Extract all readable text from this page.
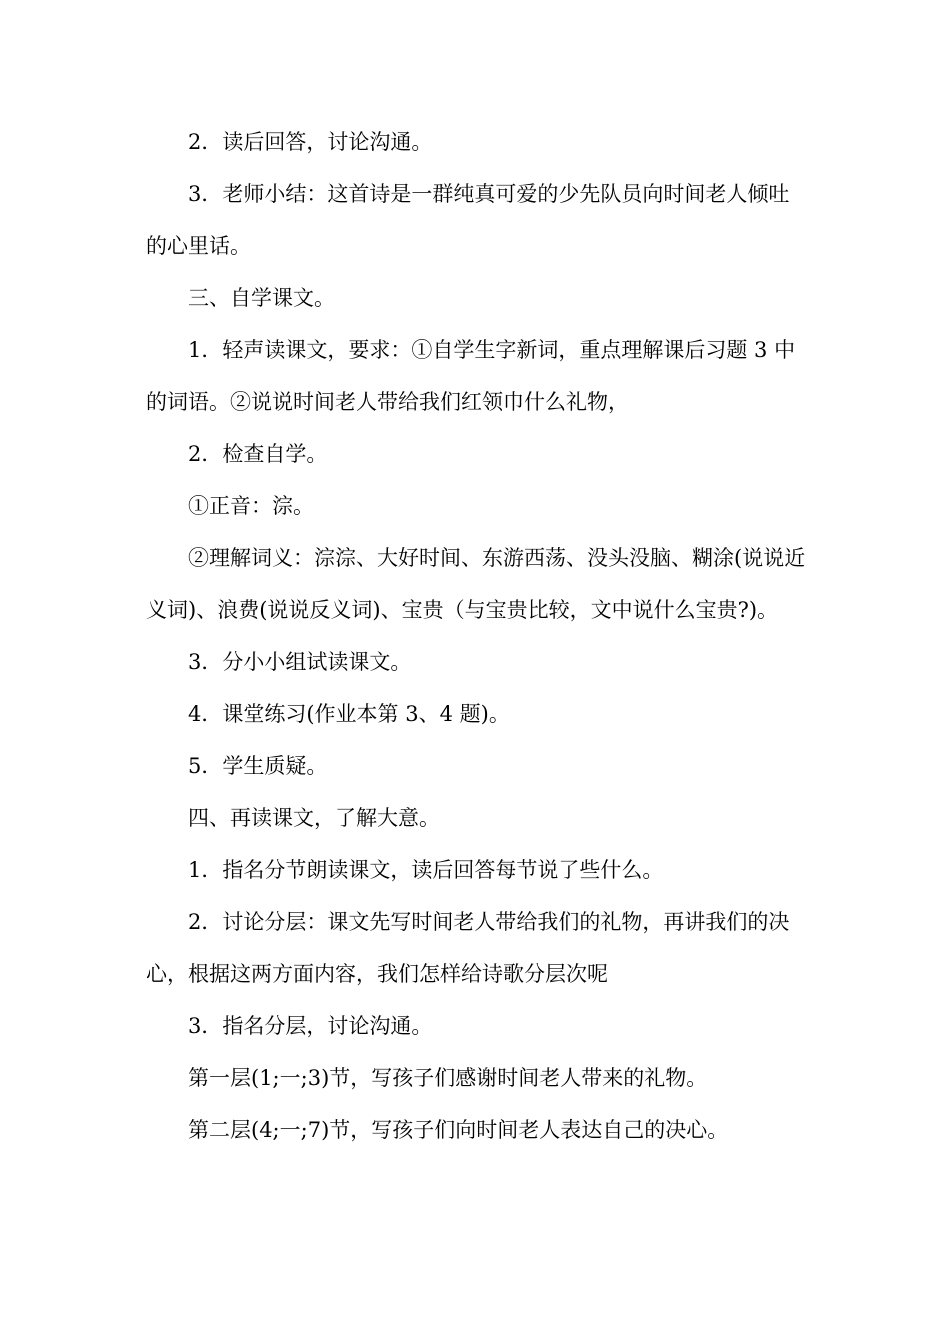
2．读后回答，讨论沟通。

3．老师小结：这首诗是一群纯真可爱的少先队员向时间老人倾吐的心里话。

三、自学课文。

1．轻声读课文，要求：①自学生字新词，重点理解课后习题 3 中的词语。②说说时间老人带给我们红领巾什么礼物，

2．检查自学。

①正音：淙。

②理解词义：淙淙、大好时间、东游西荡、没头没脑、糊涂(说说近义词)、浪费(说说反义词)、宝贵（与宝贵比较，文中说什么宝贵?)。

3．分小小组试读课文。

4．课堂练习(作业本第 3、4 题)。

5．学生质疑。

四、再读课文，了解大意。

1．指名分节朗读课文，读后回答每节说了些什么。

2．讨论分层：课文先写时间老人带给我们的礼物，再讲我们的决心，根据这两方面内容，我们怎样给诗歌分层次呢

3．指名分层，讨论沟通。

第一层(1;一;3)节，写孩子们感谢时间老人带来的礼物。

第二层(4;一;7)节，写孩子们向时间老人表达自己的决心。
